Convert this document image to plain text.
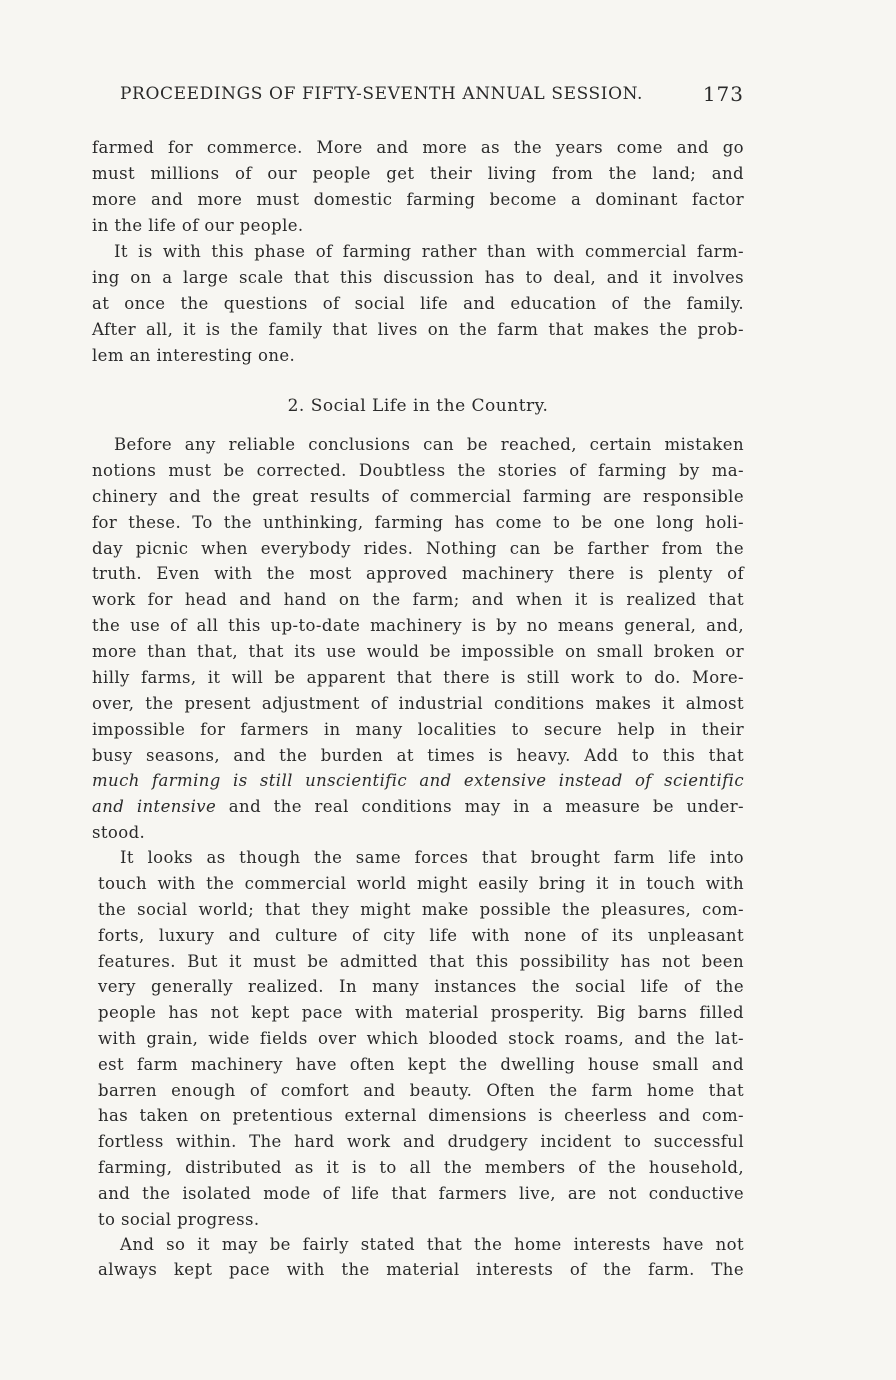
PROCEEDINGS OF FIFTY-SEVENTH ANNUAL SESSION.	173
farmed for commerce. More and more as the years come and go
must millions of our people get their living from the land; and
more and more must domestic farming become a dominant factor
in the life of our people.
It is with this phase of farming rather than with commercial farm-
ing on a large scale that this discussion has to deal, and it involves
at once the questions of social life and education of the family.
After all, it is the family that lives on the farm that makes the prob-
lem an interesting one.
2. Social Life in the Country.
Before any reliable conclusions can be reached, certain mistaken
notions must be corrected. Doubtless the stories of farming by ma-
chinery and the great results of commercial farming are responsible
for these. To the unthinking, farming has come to be one long holi-
day picnic when everybody rides. Nothing can be farther from the
truth. Even with the most approved machinery there is plenty of
work for head and hand on the farm; and when it is realized that
the use of all this up-to-date machinery is by no means general, and,
more than that, that its use would be impossible on small broken or
hilly farms, it will be apparent that there is still work to do. More-
over, the present adjustment of industrial conditions makes it almost
impossible for farmers in many localities to secure help in their
busy seasons, and the burden at times is heavy. Add to this that
much farming is still unscientific and extensive instead of scientific
and intensive and the real conditions may in a measure be under-
stood.
It looks as though the same forces that brought farm life into
touch with the commercial world might easily bring it in touch with
the social world; that they might make possible the pleasures, com-
forts, luxury and culture of city life with none of its unpleasant
features. But it must be admitted that this possibility has not been
very generally realized. In many instances the social life of the
people has not kept pace with material prosperity. Big barns filled
with grain, wide fields over which blooded stock roams, and the lat-
est farm machinery have often kept the dwelling house small and
barren enough of comfort and beauty. Often the farm home that
has taken on pretentious external dimensions is cheerless and com-
fortless within. The hard work and drudgery incident to successful
farming, distributed as it is to all the members of the household,
and the isolated mode of life that farmers live, are not conductive
to social progress.
And so it may be fairly stated that the home interests have not
always kept pace with the material interests of the farm. The
